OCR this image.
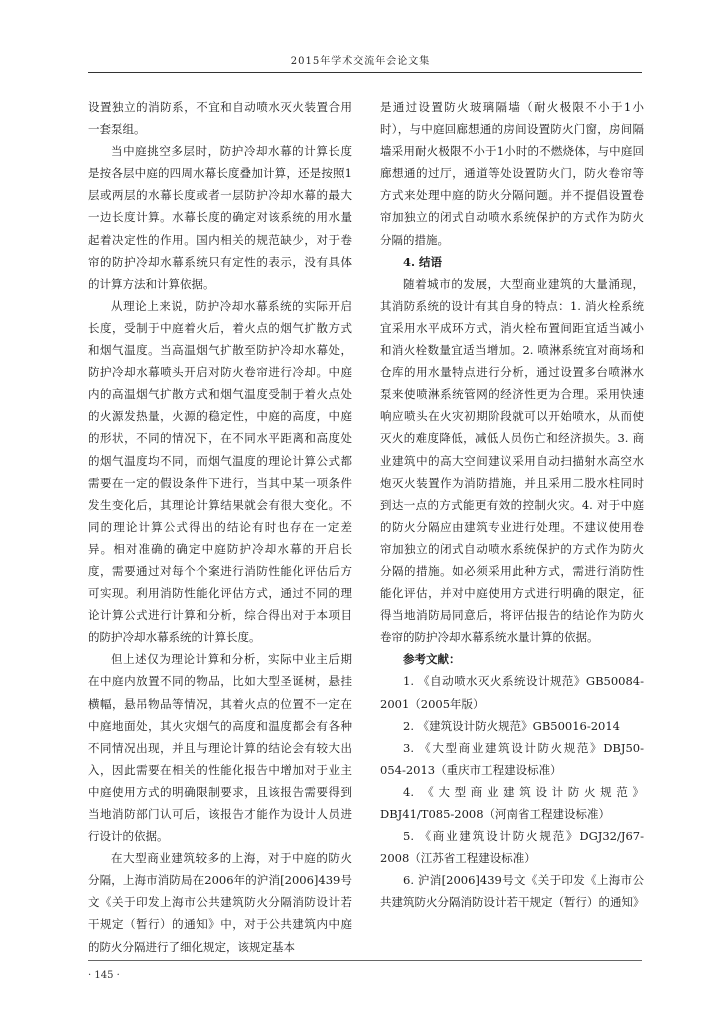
2015年学术交流年会论文集

设置独立的消防系，不宜和自动喷水灭火装置合用一套泵组。

当中庭挑空多层时，防护冷却水幕的计算长度是按各层中庭的四周水幕长度叠加计算，还是按照1层或两层的水幕长度或者一层防护冷却水幕的最大一边长度计算。水幕长度的确定对该系统的用水量起着决定性的作用。国内相关的规范缺少，对于卷帘的防护冷却水幕系统只有定性的表示，没有具体的计算方法和计算依据。

从理论上来说，防护冷却水幕系统的实际开启长度，受制于中庭着火后，着火点的烟气扩散方式和烟气温度。当高温烟气扩散至防护冷却水幕处，防护冷却水幕喷头开启对防火卷帘进行冷却。中庭内的高温烟气扩散方式和烟气温度受制于着火点处的火源发热量，火源的稳定性，中庭的高度，中庭的形状，不同的情况下，在不同水平距离和高度处的烟气温度均不同，而烟气温度的理论计算公式都需要在一定的假设条件下进行，当其中某一项条件发生变化后，其理论计算结果就会有很大变化。不同的理论计算公式得出的结论有时也存在一定差异。相对准确的确定中庭防护冷却水幕的开启长度，需要通过对每个个案进行消防性能化评估后方可实现。利用消防性能化评估方式，通过不同的理论计算公式进行计算和分析，综合得出对于本项目的防护冷却水幕系统的计算长度。

但上述仅为理论计算和分析，实际中业主后期在中庭内放置不同的物品，比如大型圣诞树，悬挂横幅，悬吊物品等情况，其着火点的位置不一定在中庭地面处，其火灾烟气的高度和温度都会有各种不同情况出现，并且与理论计算的结论会有较大出入，因此需要在相关的性能化报告中增加对于业主中庭使用方式的明确限制要求，且该报告需要得到当地消防部门认可后，该报告才能作为设计人员进行设计的依据。

在大型商业建筑较多的上海，对于中庭的防火分隔，上海市消防局在2006年的沪消[2006]439号文《关于印发上海市公共建筑防火分隔消防设计若干规定（暂行）的通知》中，对于公共建筑内中庭的防火分隔进行了细化规定，该规定基本

是通过设置防火玻璃隔墙（耐火极限不小于1小时），与中庭回廊想通的房间设置防火门窗，房间隔墙采用耐火极限不小于1小时的不燃烧体，与中庭回廊想通的过厅，通道等处设置防火门，防火卷帘等方式来处理中庭的防火分隔问题。并不提倡设置卷帘加独立的闭式自动喷水系统保护的方式作为防火分隔的措施。

4. 结语

随着城市的发展，大型商业建筑的大量涌现，其消防系统的设计有其自身的特点：1. 消火栓系统宜采用水平成环方式，消火栓布置间距宜适当减小和消火栓数量宜适当增加。2. 喷淋系统宜对商场和仓库的用水量特点进行分析，通过设置多台喷淋水泵来使喷淋系统管网的经济性更为合理。采用快速响应喷头在火灾初期阶段就可以开始喷水，从而使灭火的难度降低，减低人员伤亡和经济损失。3. 商业建筑中的高大空间建议采用自动扫描射水高空水炮灭火装置作为消防措施，并且采用二股水柱同时到达一点的方式能更有效的控制火灾。4. 对于中庭的防火分隔应由建筑专业进行处理。不建议使用卷帘加独立的闭式自动喷水系统保护的方式作为防火分隔的措施。如必须采用此种方式，需进行消防性能化评估，并对中庭使用方式进行明确的限定，征得当地消防局同意后，将评估报告的结论作为防火卷帘的防护冷却水幕系统水量计算的依据。

参考文献：

1. 《自动喷水灭火系统设计规范》GB50084-2001（2005年版）

2. 《建筑设计防火规范》GB50016-2014

3. 《大型商业建筑设计防火规范》DBJ50-054-2013（重庆市工程建设标准）

4. 《大型商业建筑设计防火规范》DBJ41/T085-2008（河南省工程建设标准）

5. 《商业建筑设计防火规范》DGJ32/J67-2008（江苏省工程建设标准）

6. 沪消[2006]439号文《关于印发《上海市公共建筑防火分隔消防设计若干规定（暂行）的通知》

· 145 ·
